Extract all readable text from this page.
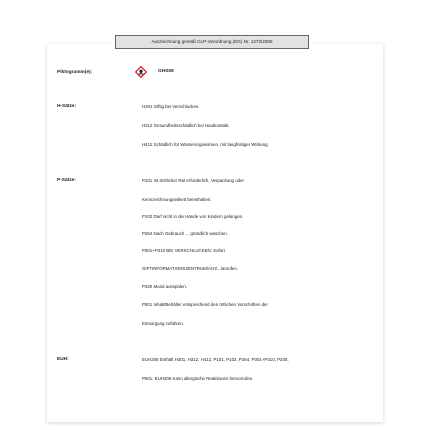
Auszeichnung gemäß CLP-Verordnung (EG) Nr. 1272/2008
Piktogramm(e):	GHS06
H-Sätze:	H301 Giftig bei Verschlucken.
H312 Gesundheitsschädlich bei Hautkontakt.
H412 Schädlich für Wasserorganismen, mit langfristiger Wirkung.
P-Sätze:	P101 Ist ärztlicher Rat erforderlich, Verpackung oder
Kennzeichnungsetikett bereithalten.
P102 Darf nicht in die Hände von Kindern gelangen.
P264 Nach Gebrauch ... gründlich waschen.
P301+P310 BEI VERSCHLUCKEN: Sofort
GIFTINFORMATIONSZENTRUM/Arzt/.../anrufen.
P330 Mund ausspülen.
P501 Inhalt/Behälter entsprechend den örtlichen Vorschriften der
Entsorgung zuführen.
EUH:	EUH208 Enthält H301, H312, H412, P101, P102, P264, P301+P310, P330,
P501, EUH208 Kann allergische Reaktionen hervorrufen.
